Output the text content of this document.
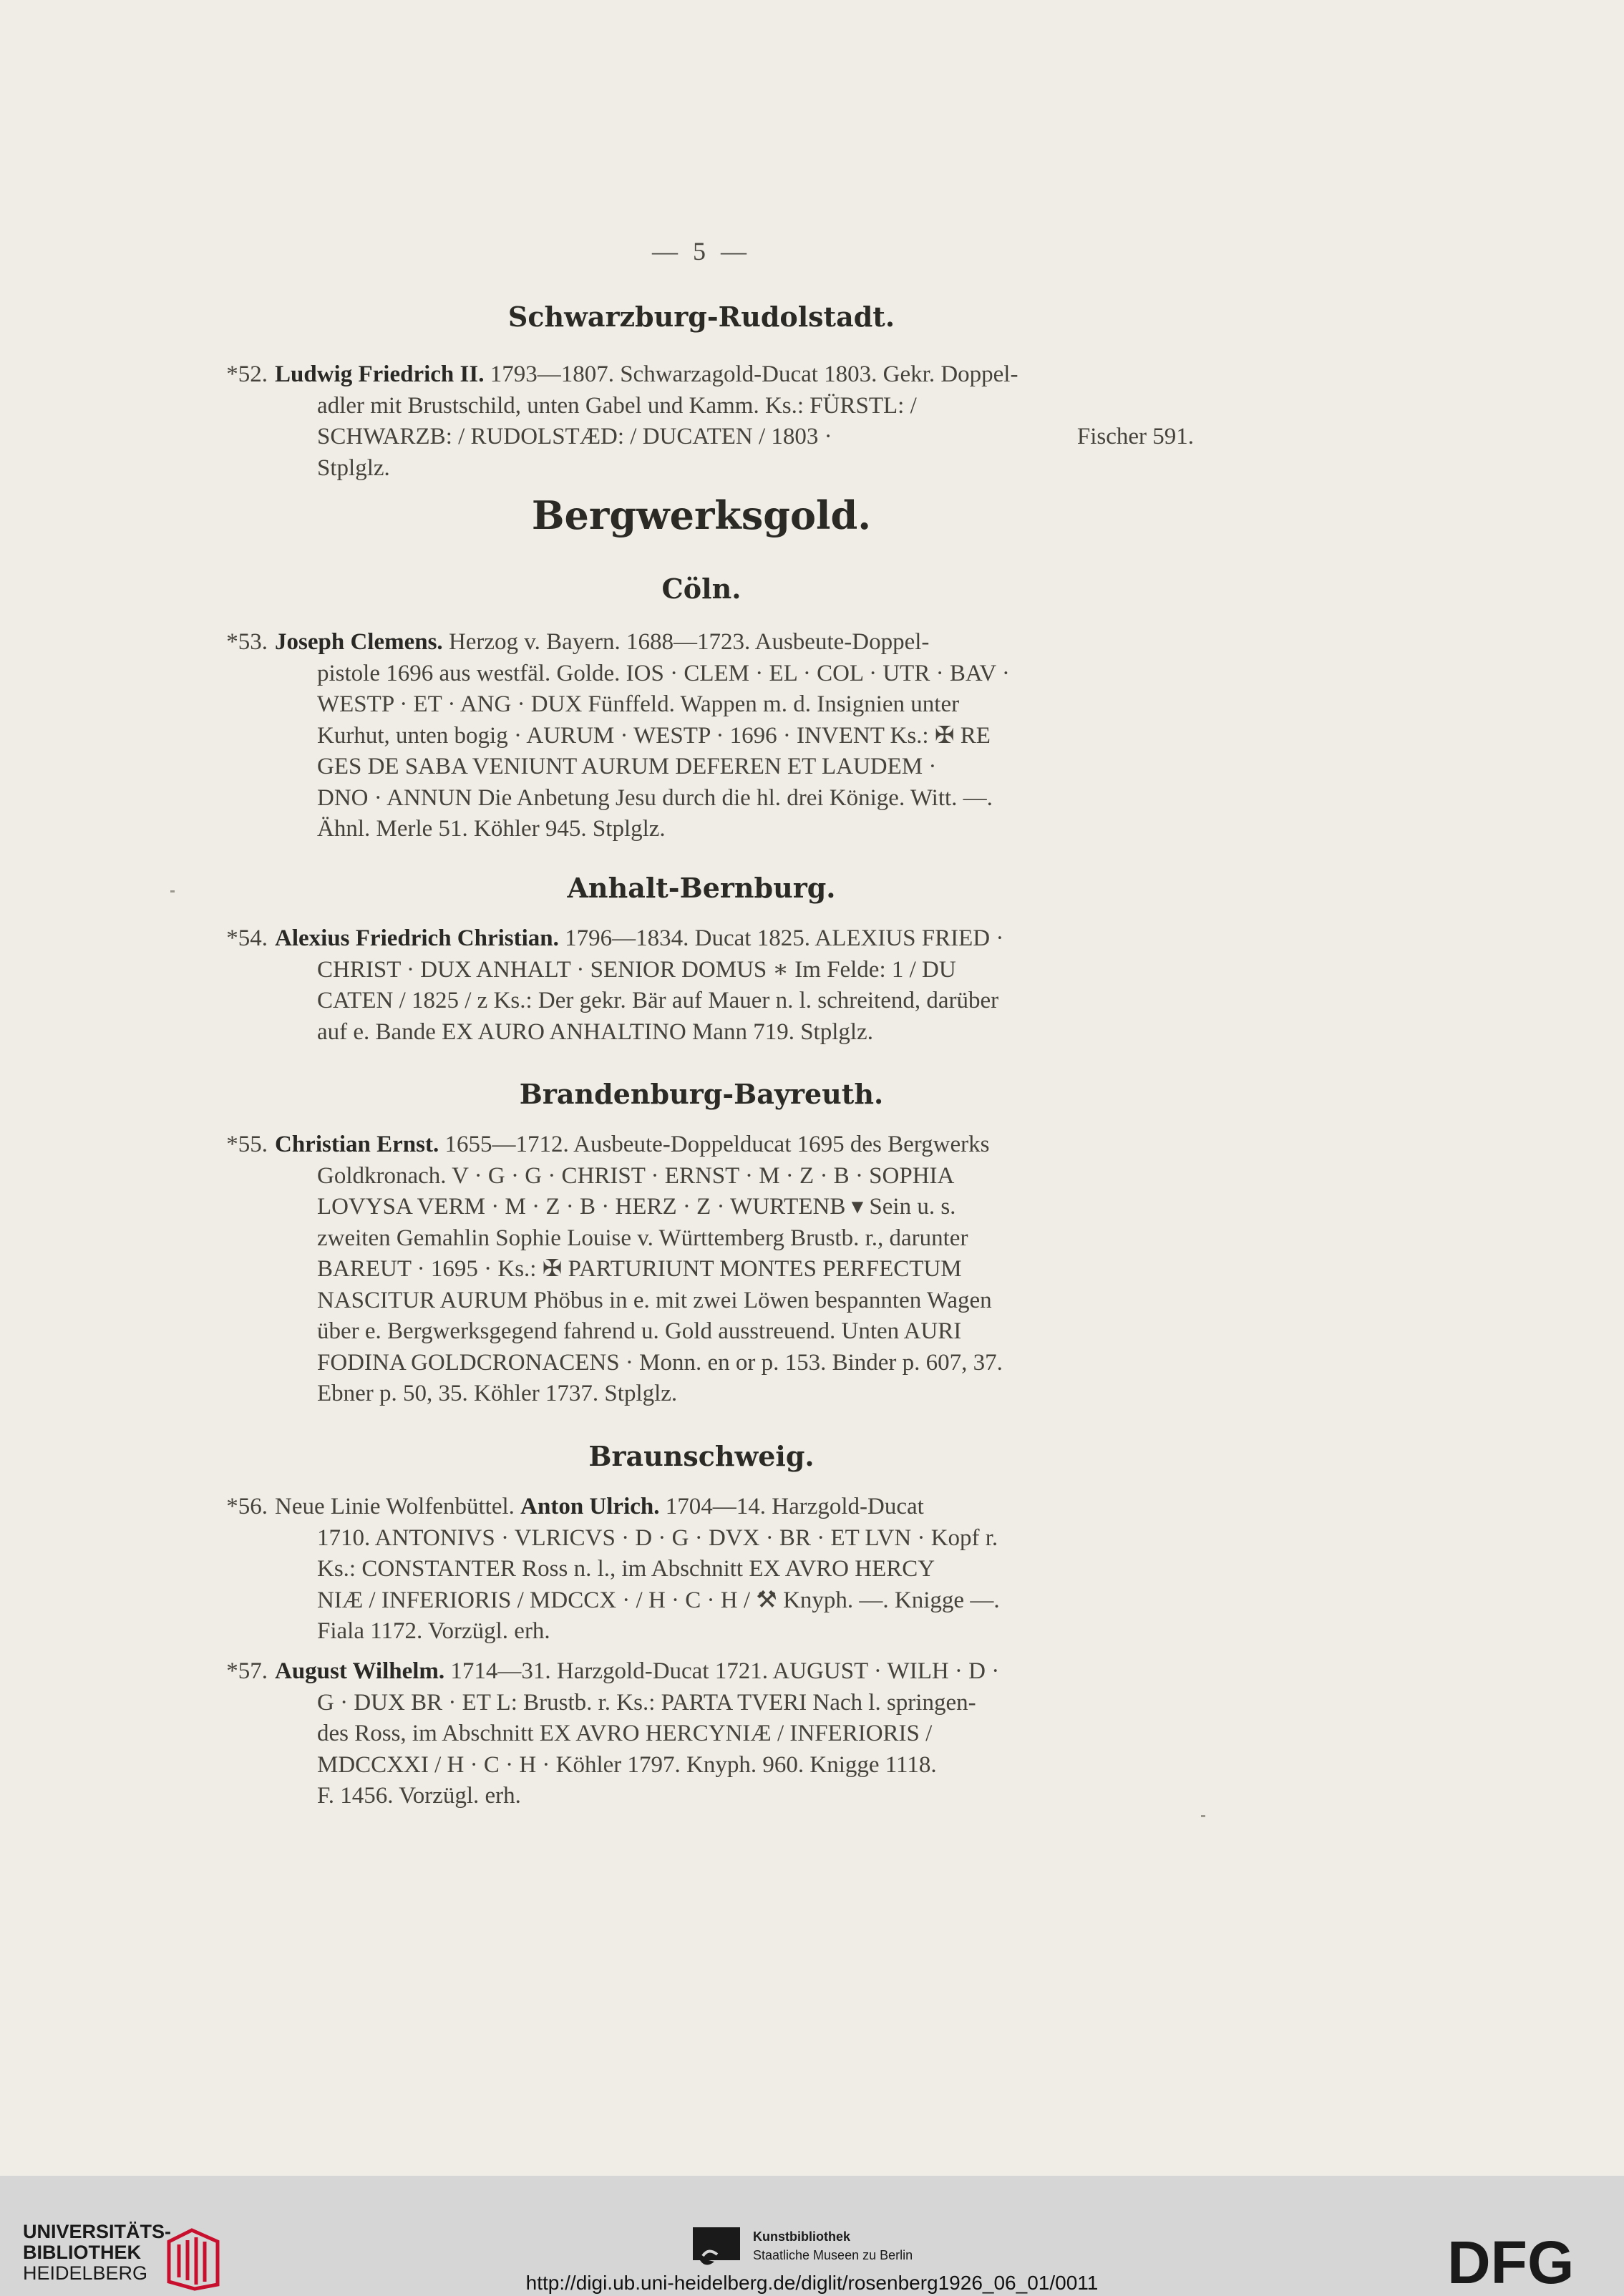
— 5 —
Schwarzburg-Rudolstadt.
*52. Ludwig Friedrich II. 1793—1807. Schwarzagold-Ducat 1803. Gekr. Doppel-
adler mit Brustschild, unten Gabel und Kamm. Ks.: FÜRSTL: /
SCHWARZB: / RUDOLSTÆD: / DUCATEN / 1803 ·	Fischer 591.
Stplglz.
Bergwerksgold.
Cöln.
*53. Joseph Clemens. Herzog v. Bayern. 1688—1723. Ausbeute-Doppel-
pistole 1696 aus westfäl. Golde. IOS · CLEM · EL · COL · UTR · BAV ·
WESTP · ET · ANG · DUX Fünffeld. Wappen m. d. Insignien unter
Kurhut, unten bogig · AURUM · WESTP · 1696 · INVENT Ks.: ✠ RE
GES DE SABA VENIUNT AURUM DEFEREN ET LAUDEM ·
DNO · ANNUN Die Anbetung Jesu durch die hl. drei Könige. Witt. —.
Ähnl. Merle 51. Köhler 945. Stplglz.
Anhalt-Bernburg.
*54. Alexius Friedrich Christian. 1796—1834. Ducat 1825. ALEXIUS FRIED ·
CHRIST · DUX ANHALT · SENIOR DOMUS ∗ Im Felde: 1 / DU
CATEN / 1825 / z Ks.: Der gekr. Bär auf Mauer n. l. schreitend, darüber
auf e. Bande EX AURO ANHALTINO Mann 719. Stplglz.
Brandenburg-Bayreuth.
*55. Christian Ernst. 1655—1712. Ausbeute-Doppelducat 1695 des Bergwerks
Goldkronach. V · G · G · CHRIST · ERNST · M · Z · B · SOPHIA
LOVYSA VERM · M · Z · B · HERZ · Z · WURTENB ▾ Sein u. s.
zweiten Gemahlin Sophie Louise v. Württemberg Brustb. r., darunter
BAREUT · 1695 · Ks.: ✠ PARTURIUNT MONTES PERFECTUM
NASCITUR AURUM Phöbus in e. mit zwei Löwen bespannten Wagen
über e. Bergwerksgegend fahrend u. Gold ausstreuend. Unten AURI
FODINA GOLDCRONACENS · Monn. en or p. 153. Binder p. 607, 37.
Ebner p. 50, 35. Köhler 1737. Stplglz.
Braunschweig.
*56. Neue Linie Wolfenbüttel. Anton Ulrich. 1704—14. Harzgold-Ducat
1710. ANTONIVS · VLRICVS · D · G · DVX · BR · ET LVN · Kopf r.
Ks.: CONSTANTER Ross n. l., im Abschnitt EX AVRO HERCY
NIÆ / INFERIORIS / MDCCX · / H · C · H / ⚒ Knyph. —. Knigge —.
Fiala 1172. Vorzügl. erh.
*57. August Wilhelm. 1714—31. Harzgold-Ducat 1721. AUGUST · WILH · D ·
G · DUX BR · ET L: Brustb. r. Ks.: PARTA TVERI Nach l. springen-
des Ross, im Abschnitt EX AVRO HERCYNIÆ / INFERIORIS /
MDCCXXI / H · C · H · Köhler 1797. Knyph. 960. Knigge 1118.
F. 1456. Vorzügl. erh.
UNIVERSITÄTS-
BIBLIOTHEK
HEIDELBERG
Kunstbibliothek
Staatliche Museen zu Berlin	DFG
http://digi.ub.uni-heidelberg.de/diglit/rosenberg1926_06_01/0011
